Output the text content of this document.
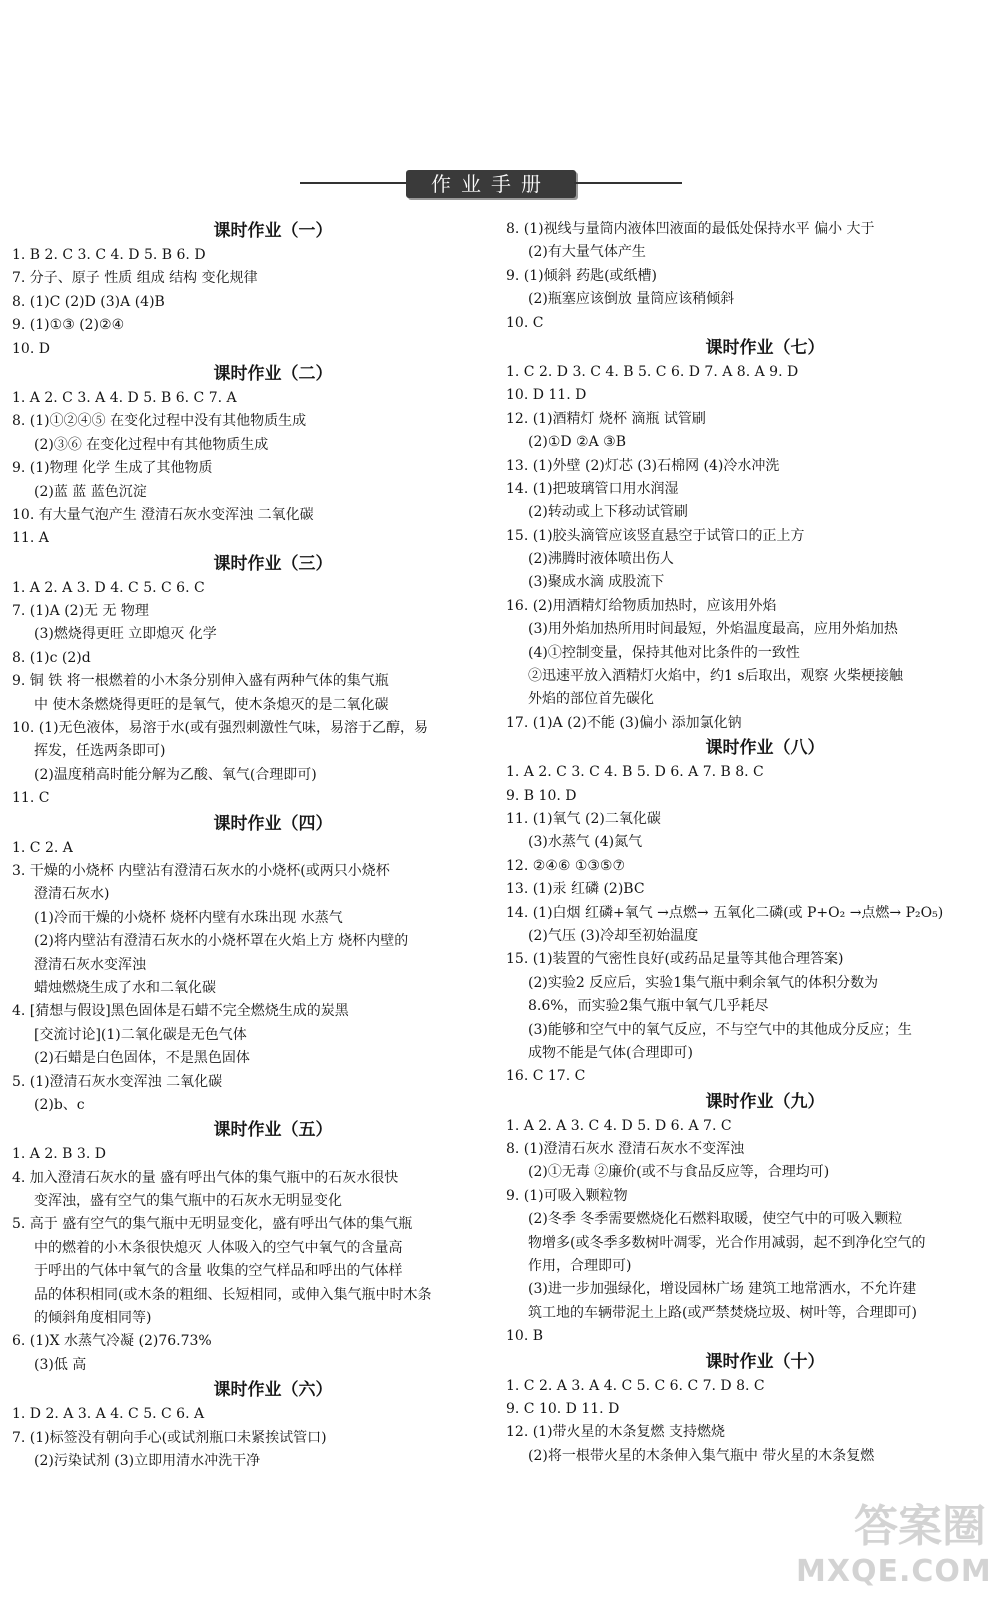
作业手册
课时作业（一）
1. B 2. C 3. C 4. D 5. B 6. D
7. 分子、原子 性质 组成 结构 变化规律
8. (1)C (2)D (3)A (4)B
9. (1)①③ (2)②④
10. D
课时作业（二）
1. A 2. C 3. A 4. D 5. B 6. C 7. A
8. (1)①②④⑤ 在变化过程中没有其他物质生成
(2)③⑥ 在变化过程中有其他物质生成
9. (1)物理 化学 生成了其他物质
(2)蓝 蓝 蓝色沉淀
10. 有大量气泡产生 澄清石灰水变浑浊 二氧化碳
11. A
课时作业（三）
1. A 2. A 3. D 4. C 5. C 6. C
7. (1)A (2)无 无 物理
(3)燃烧得更旺 立即熄灭 化学
8. (1)c (2)d
9. 铜 铁 将一根燃着的小木条分别伸入盛有两种气体的集气瓶
中 使木条燃烧得更旺的是氧气，使木条熄灭的是二氧化碳
10. (1)无色液体，易溶于水(或有强烈刺激性气味，易溶于乙醇，易
挥发，任选两条即可)
(2)温度稍高时能分解为乙酸、氧气(合理即可)
11. C
课时作业（四）
1. C 2. A
3. 干燥的小烧杯 内壁沾有澄清石灰水的小烧杯(或两只小烧杯
澄清石灰水)
(1)冷而干燥的小烧杯 烧杯内壁有水珠出现 水蒸气
(2)将内壁沾有澄清石灰水的小烧杯罩在火焰上方 烧杯内壁的
澄清石灰水变浑浊
蜡烛燃烧生成了水和二氧化碳
4. [猜想与假设]黑色固体是石蜡不完全燃烧生成的炭黑
[交流讨论](1)二氧化碳是无色气体
(2)石蜡是白色固体，不是黑色固体
5. (1)澄清石灰水变浑浊 二氧化碳
(2)b、c
课时作业（五）
1. A 2. B 3. D
4. 加入澄清石灰水的量 盛有呼出气体的集气瓶中的石灰水很快
变浑浊，盛有空气的集气瓶中的石灰水无明显变化
5. 高于 盛有空气的集气瓶中无明显变化，盛有呼出气体的集气瓶
中的燃着的小木条很快熄灭 人体吸入的空气中氧气的含量高
于呼出的气体中氧气的含量 收集的空气样品和呼出的气体样
品的体积相同(或木条的粗细、长短相同，或伸入集气瓶中时木条
的倾斜角度相同等)
6. (1)X 水蒸气冷凝 (2)76.73%
(3)低 高
课时作业（六）
1. D 2. A 3. A 4. C 5. C 6. A
7. (1)标签没有朝向手心(或试剂瓶口未紧挨试管口)
(2)污染试剂 (3)立即用清水冲洗干净
8. (1)视线与量筒内液体凹液面的最低处保持水平 偏小 大于
(2)有大量气体产生
9. (1)倾斜 药匙(或纸槽)
(2)瓶塞应该倒放 量筒应该稍倾斜
10. C
课时作业（七）
1. C 2. D 3. C 4. B 5. C 6. D 7. A 8. A 9. D
10. D 11. D
12. (1)酒精灯 烧杯 滴瓶 试管刷
(2)①D ②A ③B
13. (1)外壁 (2)灯芯 (3)石棉网 (4)冷水冲洗
14. (1)把玻璃管口用水润湿
(2)转动或上下移动试管刷
15. (1)胶头滴管应该竖直悬空于试管口的正上方
(2)沸腾时液体喷出伤人
(3)聚成水滴 成股流下
16. (2)用酒精灯给物质加热时，应该用外焰
(3)用外焰加热所用时间最短，外焰温度最高，应用外焰加热
(4)①控制变量，保持其他对比条件的一致性
②迅速平放入酒精灯火焰中，约1 s后取出，观察 火柴梗接触
外焰的部位首先碳化
17. (1)A (2)不能 (3)偏小 添加氯化钠
课时作业（八）
1. A 2. C 3. C 4. B 5. D 6. A 7. B 8. C
9. B 10. D
11. (1)氧气 (2)二氧化碳
(3)水蒸气 (4)氮气
12. ②④⑥ ①③⑤⑦
13. (1)汞 红磷 (2)BC
14. (1)白烟 红磷+氧气 →点燃→ 五氧化二磷(或 P+O₂ →点燃→ P₂O₅)
(2)气压 (3)冷却至初始温度
15. (1)装置的气密性良好(或药品足量等其他合理答案)
(2)实验2 反应后，实验1集气瓶中剩余氧气的体积分数为
8.6%，而实验2集气瓶中氧气几乎耗尽
(3)能够和空气中的氧气反应，不与空气中的其他成分反应；生
成物不能是气体(合理即可)
16. C 17. C
课时作业（九）
1. A 2. A 3. C 4. D 5. D 6. A 7. C
8. (1)澄清石灰水 澄清石灰水不变浑浊
(2)①无毒 ②廉价(或不与食品反应等，合理均可)
9. (1)可吸入颗粒物
(2)冬季 冬季需要燃烧化石燃料取暖，使空气中的可吸入颗粒
物增多(或冬季多数树叶凋零，光合作用减弱，起不到净化空气的
作用，合理即可)
(3)进一步加强绿化，增设园林广场 建筑工地常洒水，不允许建
筑工地的车辆带泥土上路(或严禁焚烧垃圾、树叶等，合理即可)
10. B
课时作业（十）
1. C 2. A 3. A 4. C 5. C 6. C 7. D 8. C
9. C 10. D 11. D
12. (1)带火星的木条复燃 支持燃烧
(2)将一根带火星的木条伸入集气瓶中 带火星的木条复燃
答案圈
MXQE.COM
